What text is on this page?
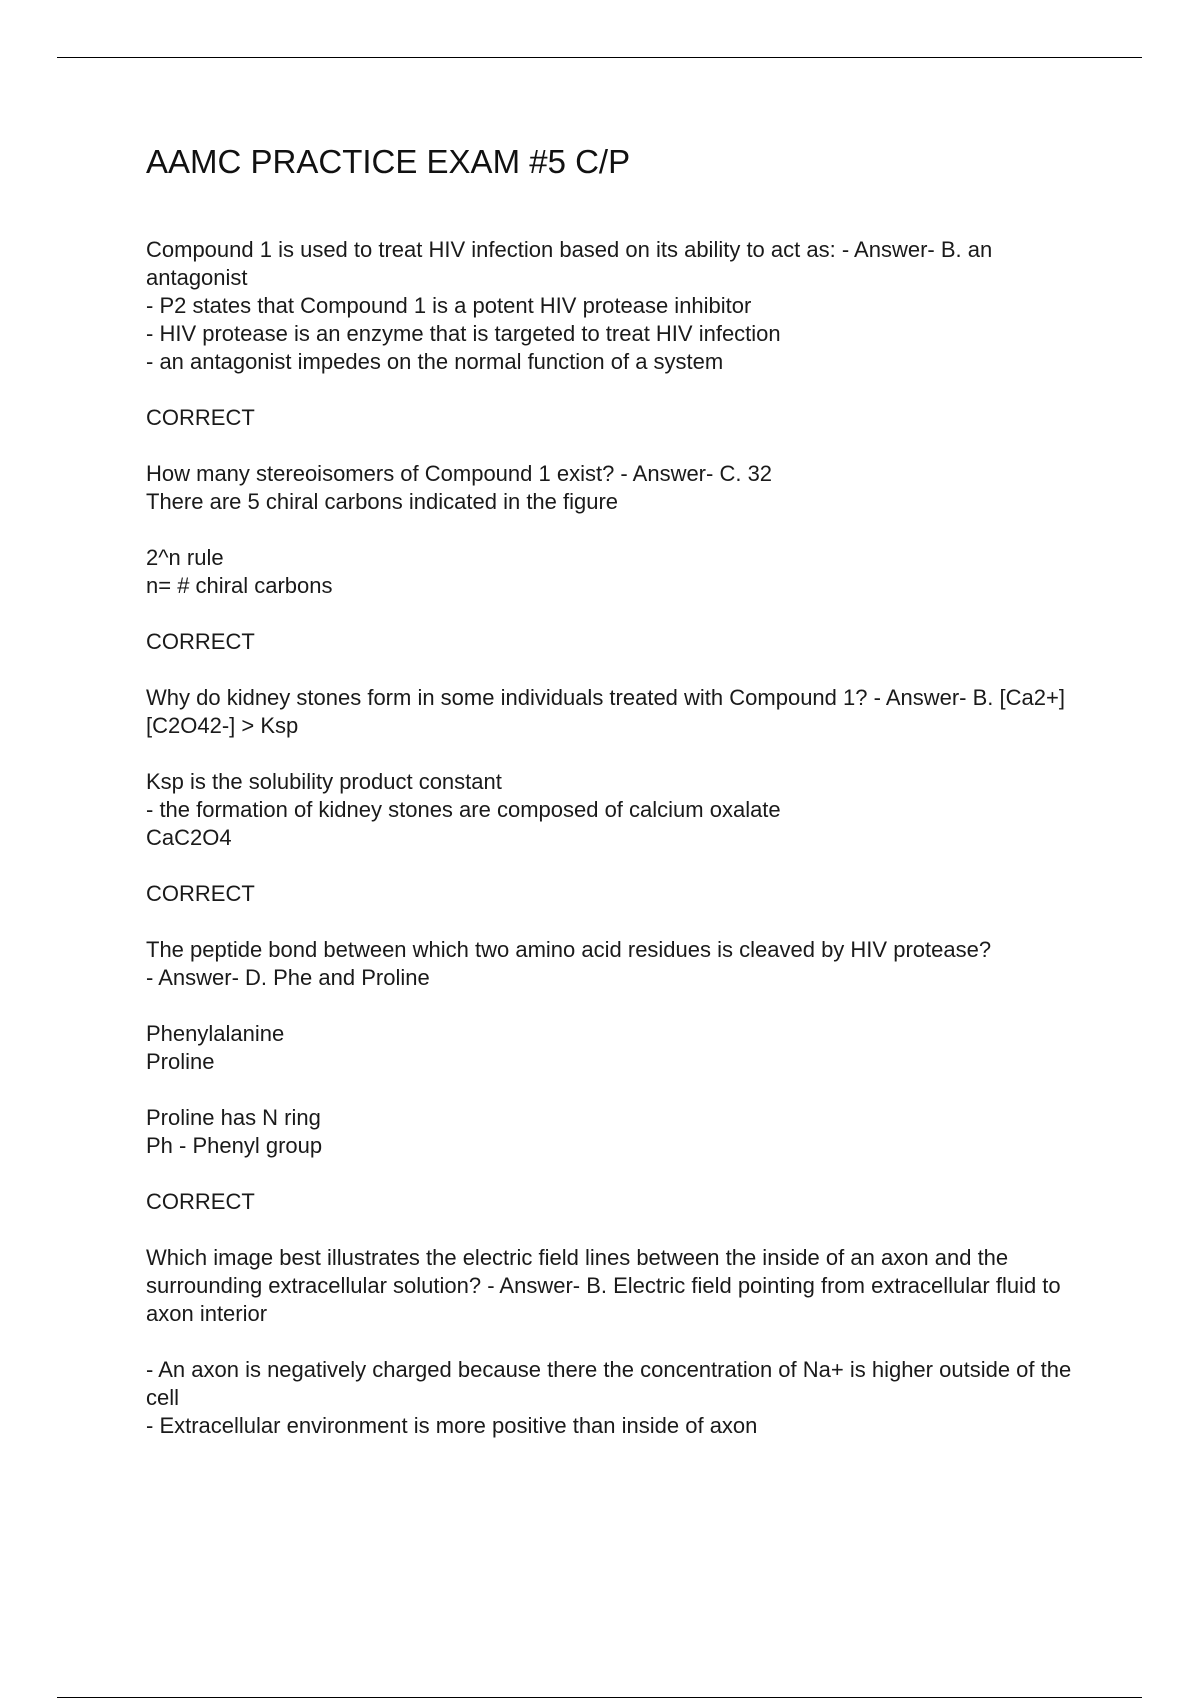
AAMC PRACTICE EXAM #5 C/P

Compound 1 is used to treat HIV infection based on its ability to act as: - Answer- B. an antagonist
- P2 states that Compound 1 is a potent HIV protease inhibitor
- HIV protease is an enzyme that is targeted to treat HIV infection
- an antagonist impedes on the normal function of a system

CORRECT

How many stereoisomers of Compound 1 exist? - Answer- C. 32
There are 5 chiral carbons indicated in the figure

2^n rule
n= # chiral carbons

CORRECT

Why do kidney stones form in some individuals treated with Compound 1? - Answer- B. [Ca2+][C2O42-] > Ksp

Ksp is the solubility product constant
- the formation of kidney stones are composed of calcium oxalate
CaC2O4

CORRECT

The peptide bond between which two amino acid residues is cleaved by HIV protease?
- Answer- D. Phe and Proline

Phenylalanine
Proline

Proline has N ring
Ph - Phenyl group

CORRECT

Which image best illustrates the electric field lines between the inside of an axon and the surrounding extracellular solution? - Answer- B. Electric field pointing from extracellular fluid to axon interior

- An axon is negatively charged because there the concentration of Na+ is higher outside of the cell
- Extracellular environment is more positive than inside of axon
